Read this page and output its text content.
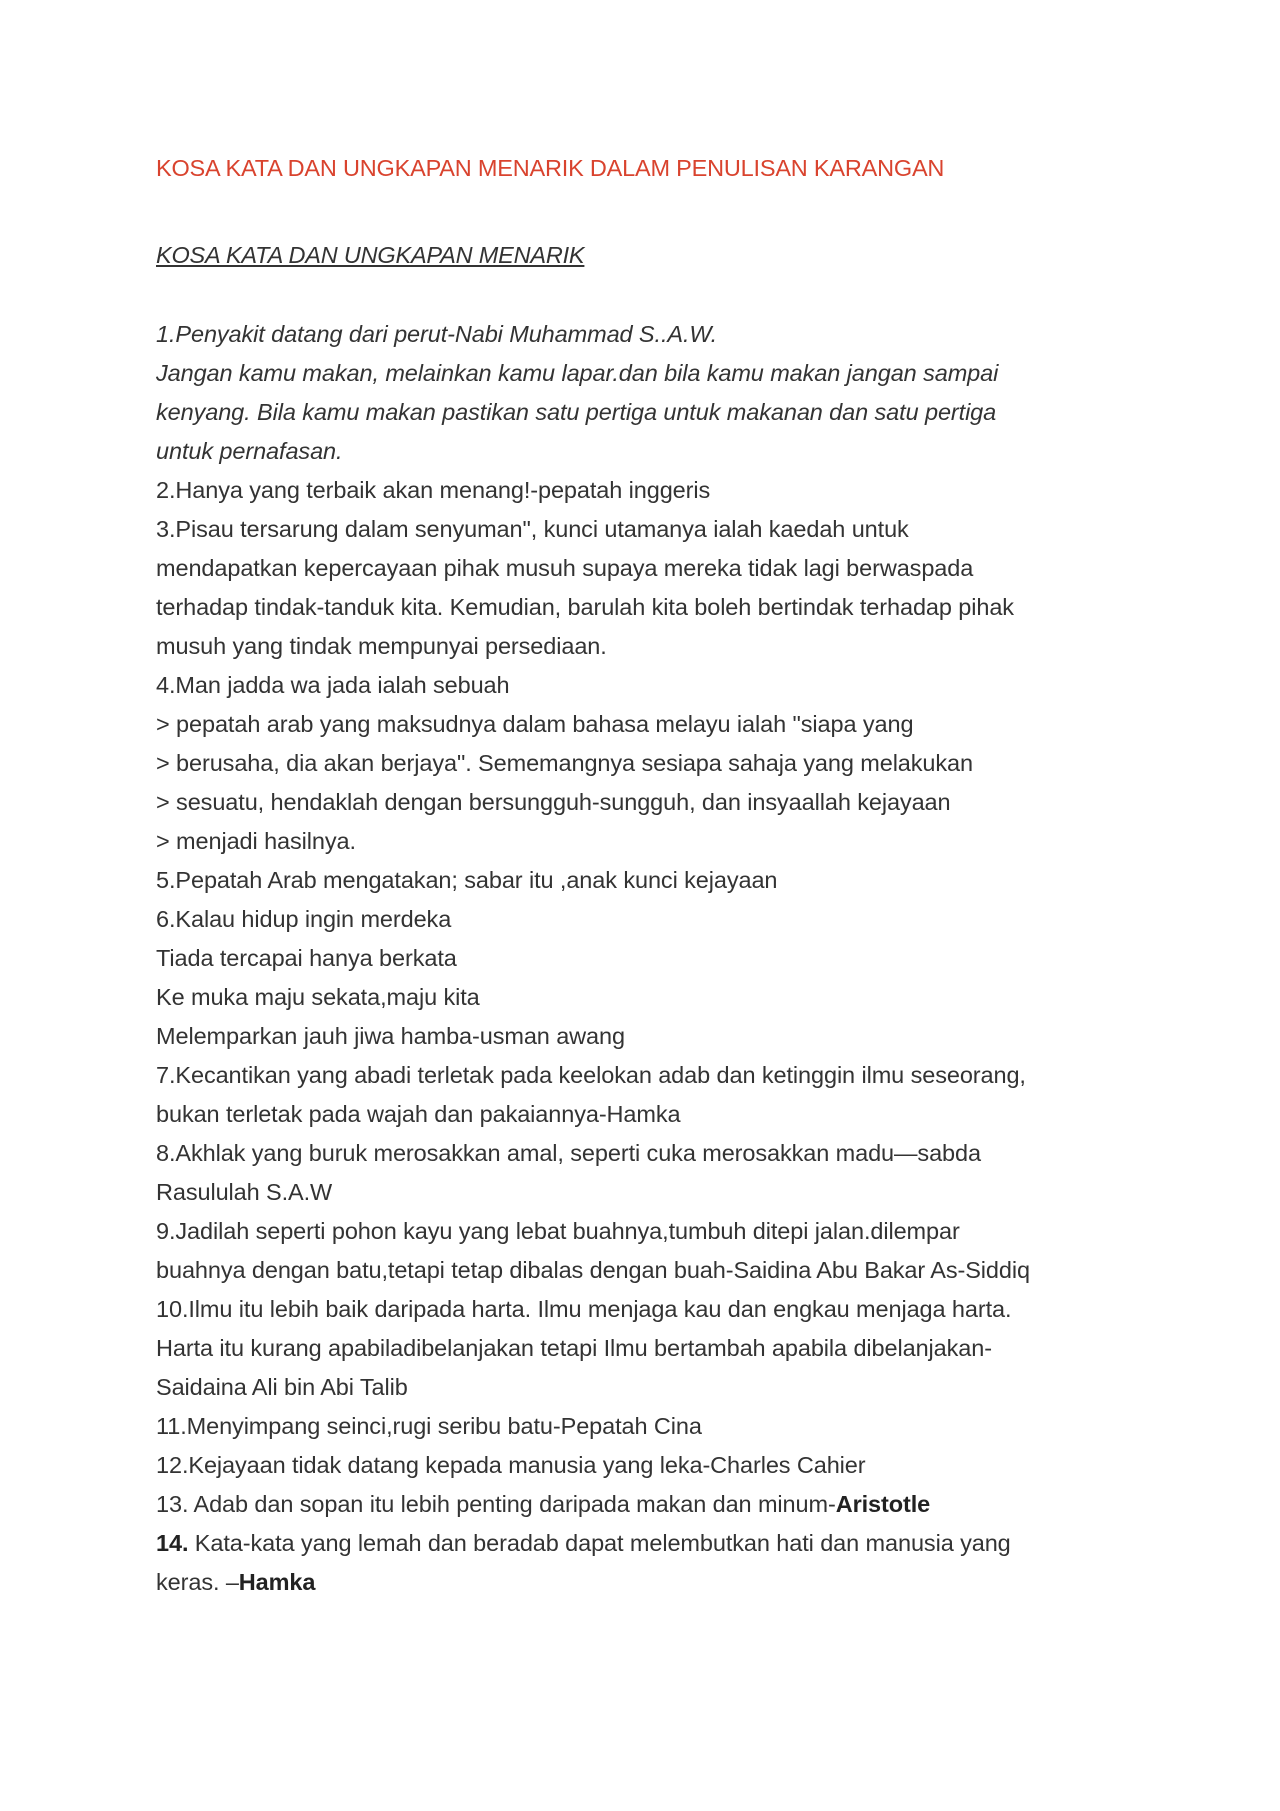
KOSA KATA DAN UNGKAPAN MENARIK DALAM PENULISAN KARANGAN
KOSA KATA DAN UNGKAPAN MENARIK
1.Penyakit datang dari perut-Nabi Muhammad S..A.W.
Jangan kamu makan, melainkan kamu lapar.dan bila kamu makan jangan sampai
kenyang. Bila kamu makan pastikan satu pertiga untuk makanan dan satu pertiga
untuk pernafasan.
2.Hanya yang terbaik akan menang!-pepatah inggeris
3.Pisau tersarung dalam senyuman", kunci utamanya ialah kaedah untuk
mendapatkan kepercayaan pihak musuh supaya mereka tidak lagi berwaspada
terhadap tindak-tanduk kita. Kemudian, barulah kita boleh bertindak terhadap pihak
musuh yang tindak mempunyai persediaan.
4.Man jadda wa jada ialah sebuah
> pepatah arab yang maksudnya dalam bahasa melayu ialah "siapa yang
> berusaha, dia akan berjaya". Sememangnya sesiapa sahaja yang melakukan
> sesuatu, hendaklah dengan bersungguh-sungguh, dan insyaallah kejayaan
> menjadi hasilnya.
5.Pepatah Arab mengatakan; sabar itu ,anak kunci kejayaan
6.Kalau hidup ingin merdeka
Tiada tercapai hanya berkata
Ke muka maju sekata,maju kita
Melemparkan jauh jiwa hamba-usman awang
7.Kecantikan yang abadi terletak pada keelokan adab dan ketinggin ilmu seseorang,
bukan terletak pada wajah dan pakaiannya-Hamka
8.Akhlak yang buruk merosakkan amal, seperti cuka merosakkan madu—sabda
Rasululah S.A.W
9.Jadilah seperti pohon kayu yang lebat buahnya,tumbuh ditepi jalan.dilempar
buahnya dengan batu,tetapi tetap dibalas dengan buah-Saidina Abu Bakar As-Siddiq
10.Ilmu itu lebih baik daripada harta. Ilmu menjaga kau dan engkau menjaga harta.
Harta itu kurang apabiladibelanjakan tetapi Ilmu bertambah apabila dibelanjakan-
Saidaina Ali bin Abi Talib
11.Menyimpang seinci,rugi seribu batu-Pepatah Cina
12.Kejayaan tidak datang kepada manusia yang leka-Charles Cahier
13. Adab dan sopan itu lebih penting daripada makan dan minum-Aristotle
14. Kata-kata yang lemah dan beradab dapat melembutkan hati dan manusia yang
keras. –Hamka
